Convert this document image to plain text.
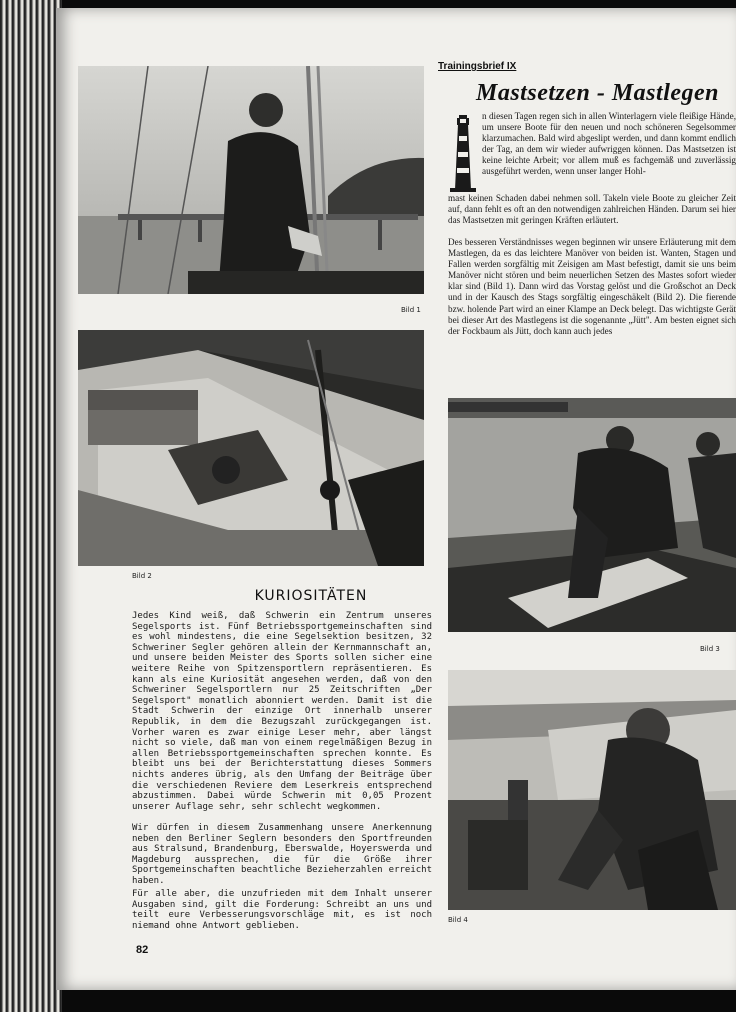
Bild 1
Bild 2
Trainingsbrief IX
Mastsetzen - Mastlegen
n diesen Tagen regen sich in allen Winterlagern viele fleißige Hände, um unsere Boote für den neuen und noch schöneren Segelsommer klarzumachen. Bald wird abgeslipt werden, und dann kommt endlich der Tag, an dem wir wieder aufwriggen können. Das Mastsetzen ist keine leichte Arbeit; vor allem muß es fachgemäß und zuverlässig ausgeführt werden, wenn unser langer Hohl-
mast keinen Schaden dabei nehmen soll. Takeln viele Boote zu gleicher Zeit auf, dann fehlt es oft an den notwendigen zahlreichen Händen. Darum sei hier das Mastsetzen mit geringen Kräften erläutert.
Des besseren Verständnisses wegen beginnen wir unsere Erläuterung mit dem Mastlegen, da es das leichtere Manöver von beiden ist. Wanten, Stagen und Fallen werden sorgfältig mit Zeisigen am Mast befestigt, damit sie uns beim Manöver nicht stören und beim neuerlichen Setzen des Mastes sofort wieder klar sind (Bild 1). Dann wird das Vorstag gelöst und die Großschot an Deck und in der Kausch des Stags sorgfältig eingeschäkelt (Bild 2). Die fierende bzw. holende Part wird an einer Klampe an Deck belegt. Das wichtigste Gerät bei dieser Art des Mastlegens ist die sogenannte „Jütt". Am besten eignet sich der Fockbaum als Jütt, doch kann auch jedes
Bild 3
Bild 4
KURIOSITÄTEN
Jedes Kind weiß, daß Schwerin ein Zentrum unseres Segelsports ist. Fünf Betriebssportgemeinschaften sind es wohl mindestens, die eine Segelsektion besitzen, 32 Schweriner Segler gehören allein der Kernmannschaft an, und unsere beiden Meister des Sports sollen sicher eine weitere Reihe von Spitzensportlern repräsentieren. Es kann als eine Kuriosität angesehen werden, daß von den Schweriner Segelsportlern nur 25 Zeitschriften „Der Segelsport" monatlich abonniert werden. Damit ist die Stadt Schwerin der einzige Ort innerhalb unserer Republik, in dem die Bezugszahl zurückgegangen ist. Vorher waren es zwar einige Leser mehr, aber längst nicht so viele, daß man von einem regelmäßigen Bezug in allen Betriebssportgemeinschaften sprechen konnte. Es bleibt uns bei der Berichterstattung dieses Sommers nichts anderes übrig, als den Umfang der Beiträge über die verschiedenen Reviere dem Leserkreis entsprechend abzustimmen. Dabei würde Schwerin mit 0,05 Prozent unserer Auflage sehr, sehr schlecht wegkommen.
Wir dürfen in diesem Zusammenhang unsere Anerkennung neben den Berliner Seglern besonders den Sportfreunden aus Stralsund, Brandenburg, Eberswalde, Hoyerswerda und Magdeburg aussprechen, die für die Größe ihrer Sportgemeinschaften beachtliche Bezieherzahlen erreicht haben.
Für alle aber, die unzufrieden mit dem Inhalt unserer Ausgaben sind, gilt die Forderung: Schreibt an uns und teilt eure Verbesserungsvorschläge mit, es ist noch niemand ohne Antwort geblieben.
82
